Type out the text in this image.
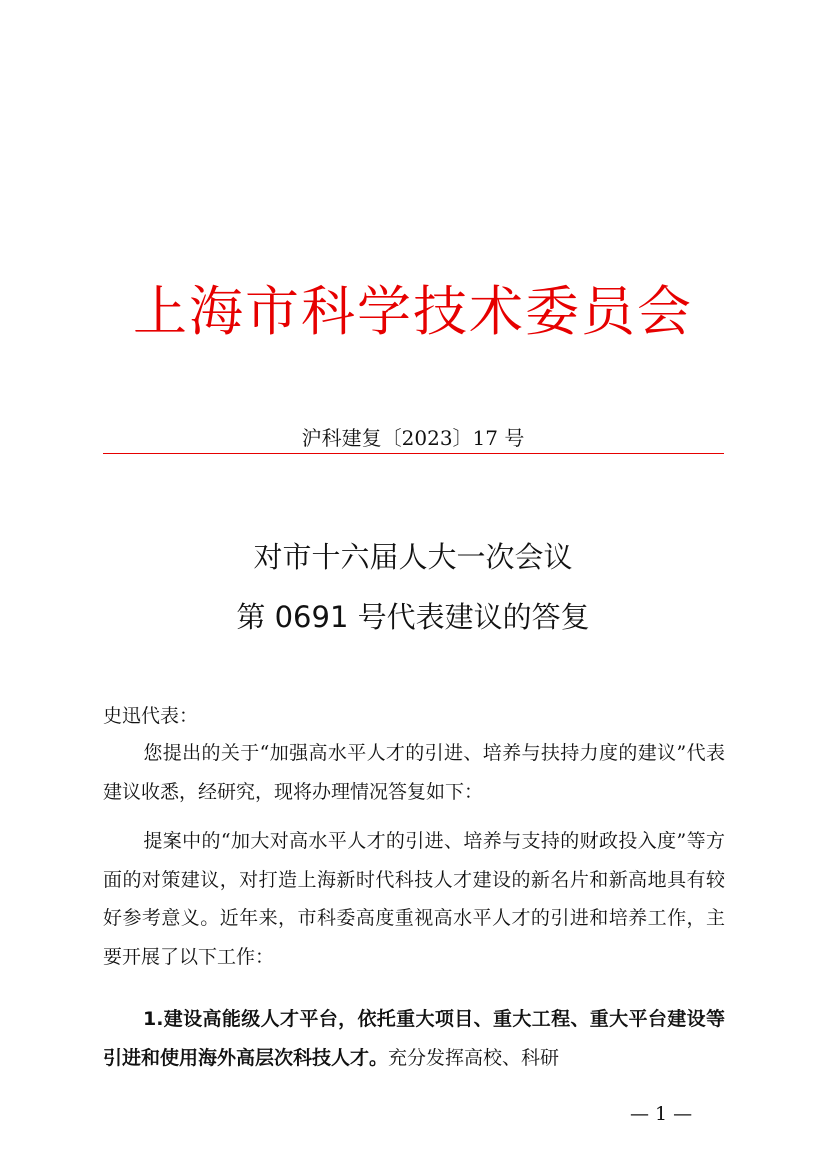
上海市科学技术委员会
沪科建复〔2023〕17 号
对市十六届人大一次会议
第 0691 号代表建议的答复
史迅代表：
您提出的关于“加强高水平人才的引进、培养与扶持力度的建议”代表建议收悉，经研究，现将办理情况答复如下：
提案中的“加大对高水平人才的引进、培养与支持的财政投入度”等方面的对策建议，对打造上海新时代科技人才建设的新名片和新高地具有较好参考意义。近年来，市科委高度重视高水平人才的引进和培养工作，主要开展了以下工作：
1.建设高能级人才平台，依托重大项目、重大工程、重大平台建设等引进和使用海外高层次科技人才。充分发挥高校、科研
— 1 —
